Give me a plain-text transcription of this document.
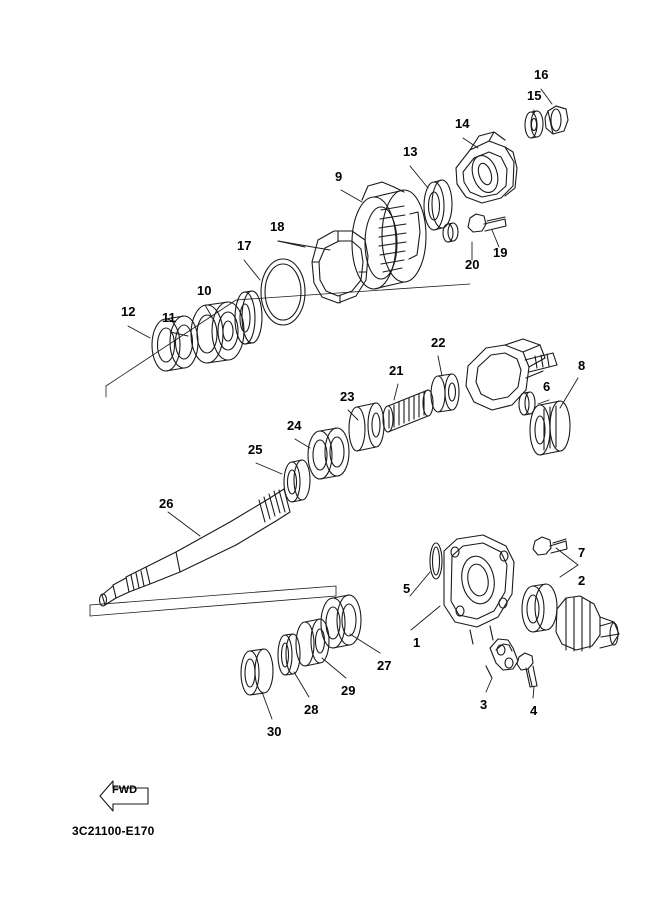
12 11
10
17
18
9
13
14
15
16
20
19
22
21	8
6
23
24
25
26
7
2
5
1
3	4
27
29
28
30
FWD
3C21100-E170
